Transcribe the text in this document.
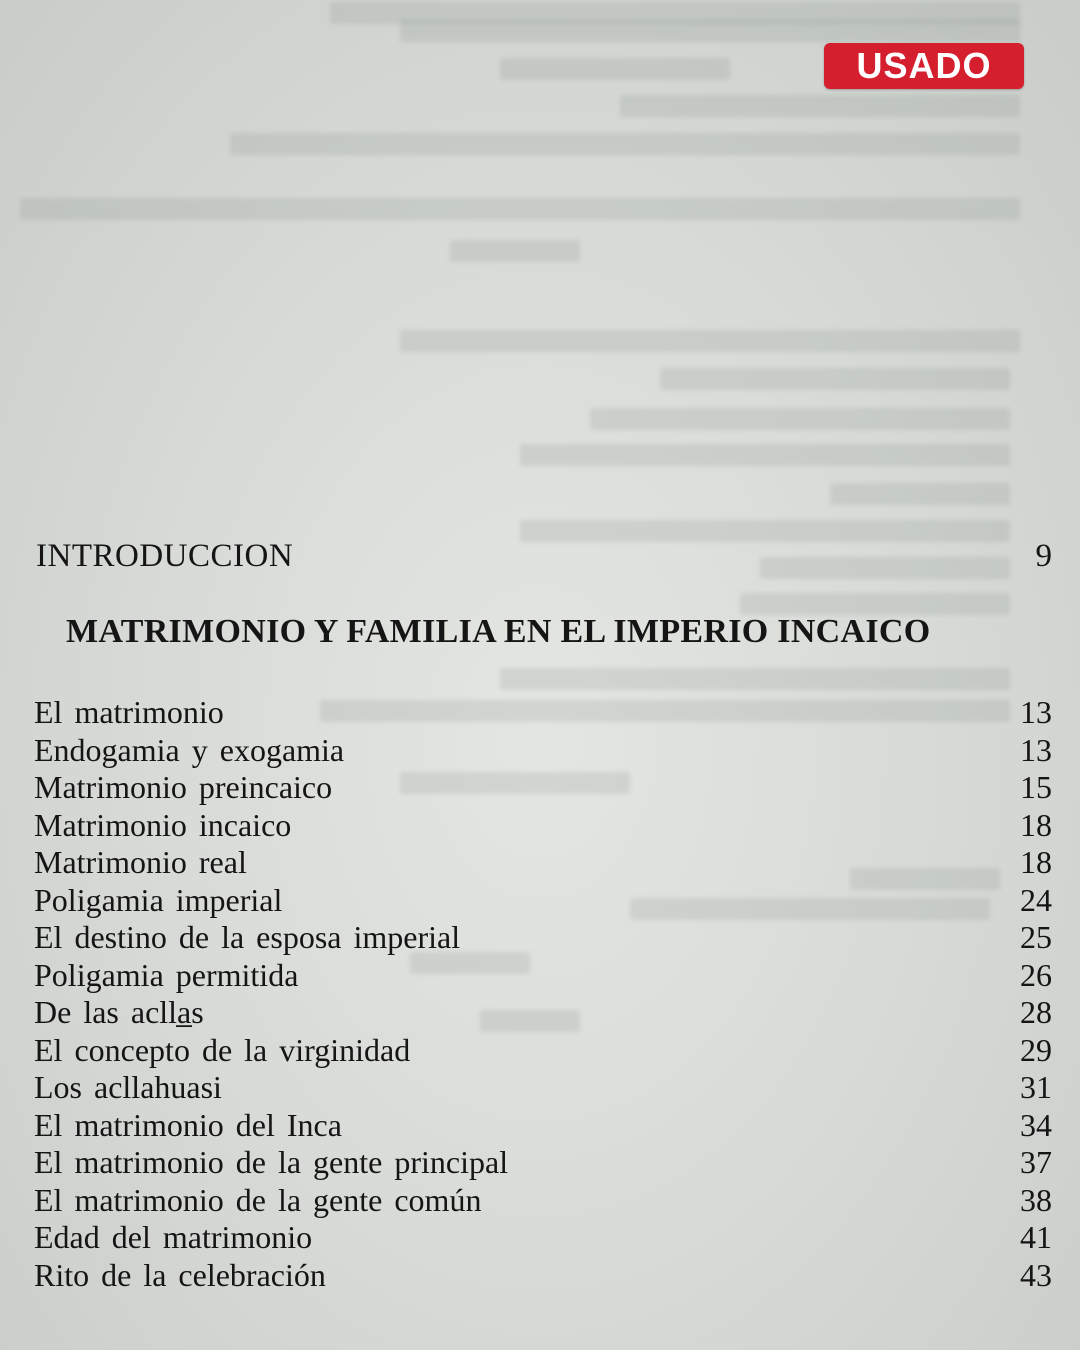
USADO
INTRODUCCION	9
MATRIMONIO Y FAMILIA EN EL IMPERIO INCAICO
El matrimonio	13
Endogamia y exogamia	13
Matrimonio preincaico	15
Matrimonio incaico	18
Matrimonio real	18
Poligamia imperial	24
El destino de la esposa imperial	25
Poligamia permitida	26
De las aclla̲s	28
El concepto de la virginidad	29
Los acllahuasi	31
El matrimonio del Inca	34
El matrimonio de la gente principal	37
El matrimonio de la gente común	38
Edad del matrimonio	41
Rito de la celebración	43
